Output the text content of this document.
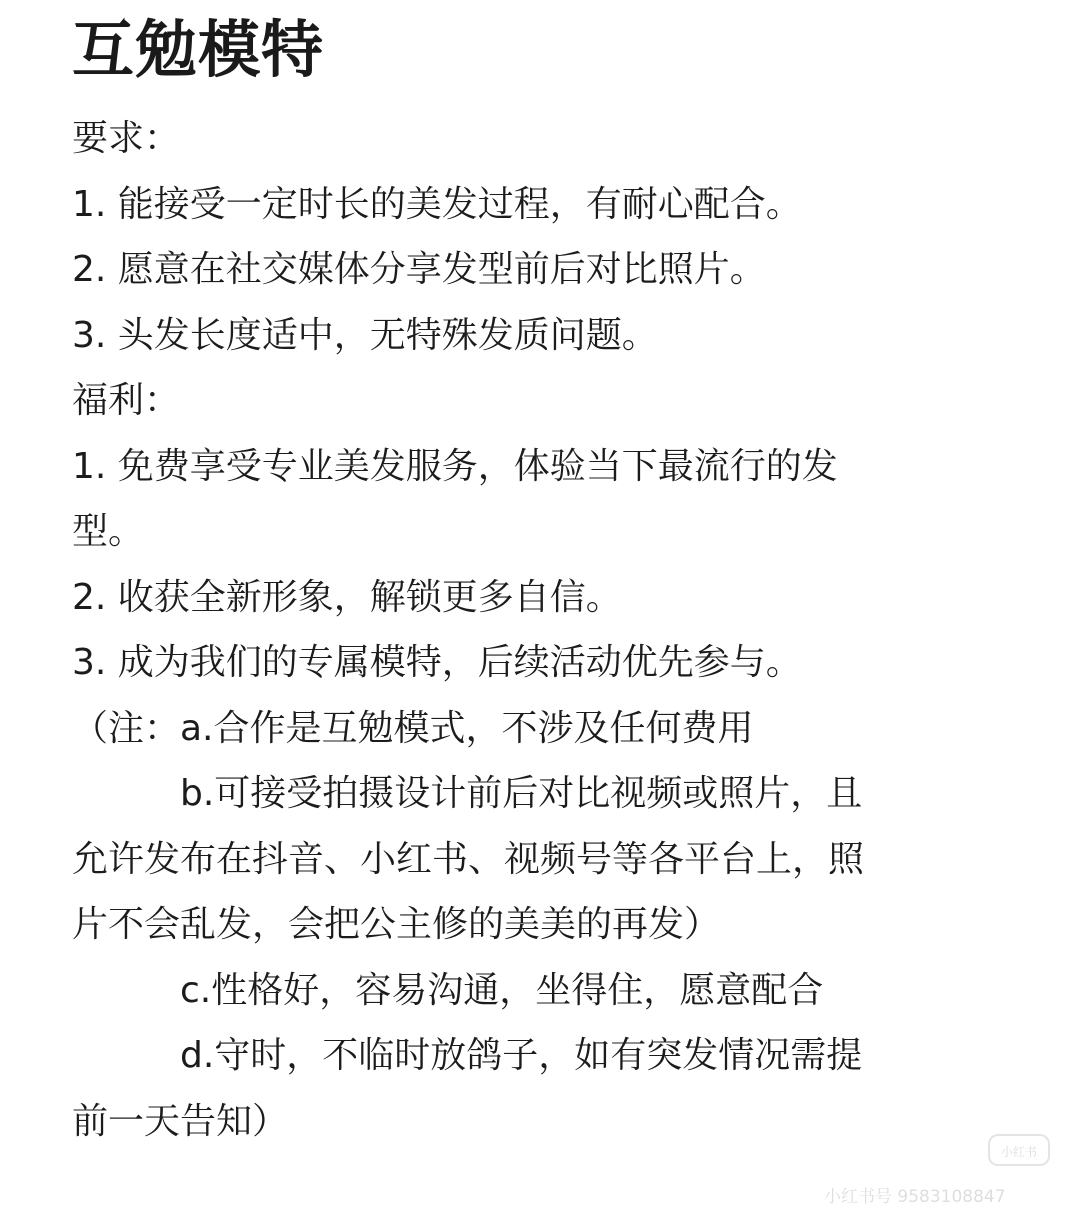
互勉模特
要求：
1. 能接受一定时长的美发过程，有耐心配合。
2. 愿意在社交媒体分享发型前后对比照片。
3. 头发长度适中，无特殊发质问题。
福利：
1. 免费享受专业美发服务，体验当下最流行的发
型。
2. 收获全新形象，解锁更多自信。
3. 成为我们的专属模特，后续活动优先参与。
（注：a.合作是互勉模式，不涉及任何费用
b.可接受拍摄设计前后对比视频或照片，且
允许发布在抖音、小红书、视频号等各平台上，照
片不会乱发，会把公主修的美美的再发）
c.性格好，容易沟通，坐得住，愿意配合
d.守时，不临时放鸽子，如有突发情况需提
前一天告知）
小红书
小红书号 9583108847
